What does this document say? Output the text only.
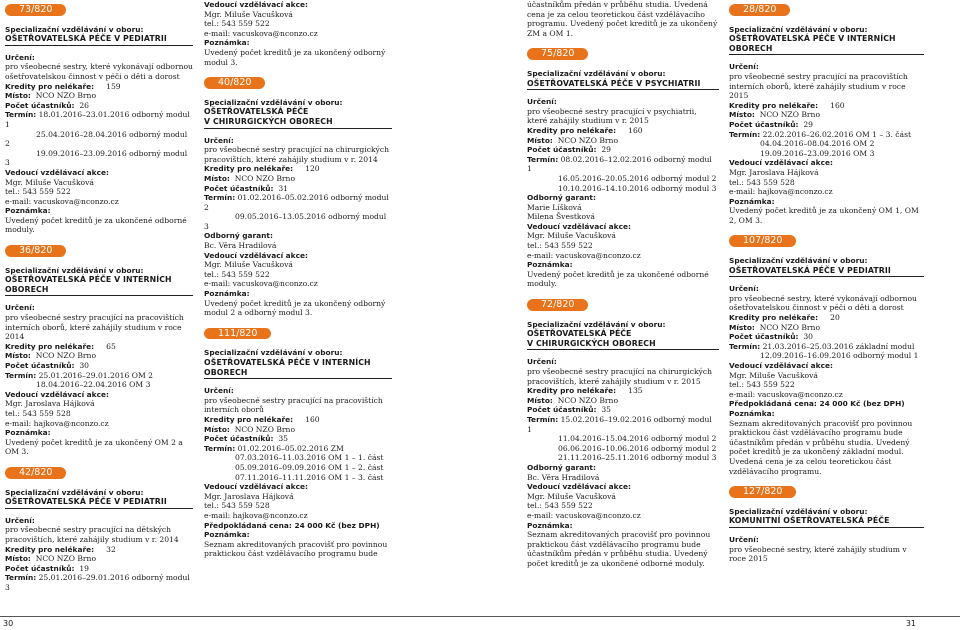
73/820
Specializační vzdělávání v oboru:
OŠETŘOVATELSKÁ PÉČE V PEDIATRII
Určení:
pro všeobecné sestry, které vykonávají odbornou ošetřovatelskou činnost v péči o děti a dorost
Kredity pro nelékaře: 159
Místo: NCO NZO Brno
Počet účastníků: 26
Termín: 18.01.2016–23.01.2016 odborný modul 1
25.04.2016–28.04.2016 odborný modul 2
19.09.2016–23.09.2016 odborný modul 3
Vedoucí vzdělávací akce:
Mgr. Miluše Vacušková
tel.: 543 559 522
e-mail: vacuskova@nconzo.cz
Poznámka:
Uvedený počet kreditů je za ukončené odborné moduly.
36/820
Specializační vzdělávání v oboru:
OŠETŘOVATELSKÁ PÉČE V INTERNÍCH OBORECH
Určení:
pro všeobecné sestry pracující na pracovištích interních oborů, které zahájily studium v roce 2014
Kredity pro nelékaře: 65
Místo: NCO NZO Brno
Počet účastníků: 30
Termín: 25.01.2016–29.01.2016 OM 2
18.04.2016–22.04.2016 OM 3
Vedoucí vzdělávací akce:
Mgr. Jaroslava Hájková
tel.: 543 559 528
e-mail: hajkova@nconzo.cz
Poznámka:
Uvedený počet kreditů je za ukončený OM 2 a OM 3.
42/820
Specializační vzdělávání v oboru:
OŠETŘOVATELSKÁ PÉČE V PEDIATRII
Určení:
pro všeobecné sestry pracující na dětských pracovištích, které zahájily studium v r. 2014
Kredity pro nelékaře: 32
Místo: NCO NZO Brno
Počet účastníků: 19
Termín: 25.01.2016–29.01.2016 odborný modul 3
Vedoucí vzdělávací akce:
Mgr. Miluše Vacušková
tel.: 543 559 522
e-mail: vacuskova@nconzo.cz
Poznámka:
Uvedený počet kreditů je za ukončený odborný modul 3.
40/820
Specializační vzdělávání v oboru:
OŠETŘOVATELSKÁ PÉČE
V CHIRURGICKÝCH OBORECH
Určení:
pro všeobecné sestry pracující na chirurgických pracovištích, které zahájily studium v r. 2014
Kredity pro nelékaře: 120
Místo: NCO NZO Brno
Počet účastníků: 31
Termín: 01.02.2016–05.02.2016 odborný modul 2
09.05.2016–13.05.2016 odborný modul 3
Odborný garant:
Bc. Věra Hradilová
Vedoucí vzdělávací akce:
Mgr. Miluše Vacušková
tel.: 543 559 522
e-mail: vacuskova@nconzo.cz
Poznámka:
Uvedený počet kreditů je za ukončený odborný modul 2 a odborný modul 3.
111/820
Specializační vzdělávání v oboru:
OŠETŘOVATELSKÁ PÉČE V INTERNÍCH OBORECH
Určení:
pro všeobecné sestry pracující na pracovištích interních oborů
Kredity pro nelékaře: 160
Místo: NCO NZO Brno
Počet účastníků: 35
Termín: 01.02.2016–05.02.2016 ZM
07.03.2016–11.03.2016 OM 1 – 1. část
05.09.2016–09.09.2016 OM 1 – 2. část
07.11.2016–11.11.2016 OM 1 – 3. část
Vedoucí vzdělávací akce:
Mgr. Jaroslava Hájková
tel.: 543 559 528
e-mail: hajkova@nconzo.cz
Předpokládaná cena: 24 000 Kč (bez DPH)
Poznámka:
Seznam akreditovaných pracovišť pro povinnou praktickou část vzdělávacího programu bude
účastníkům předán v průběhu studia. Uvedená cena je za celou teoretickou část vzdělávacího programu. Uvedený počet kreditů je za ukončený ZM a OM 1.
75/820
Specializační vzdělávání v oboru:
OŠETŘOVATELSKÁ PÉČE V PSYCHIATRII
Určení:
pro všeobecné sestry pracující v psychiatrii, které zahájily studium v r. 2015
Kredity pro nelékaře: 160
Místo: NCO NZO Brno
Počet účastníků: 29
Termín: 08.02.2016–12.02.2016 odborný modul 1
16.05.2016–20.05.2016 odborný modul 2
10.10.2016–14.10.2016 odborný modul 3
Odborný garant:
Marie Líšková
Milena Švestková
Vedoucí vzdělávací akce:
Mgr. Miluše Vacušková
tel.: 543 559 522
e-mail: vacuskova@nconzo.cz
Poznámka:
Uvedený počet kreditů je za ukončené odborné moduly.
72/820
Specializační vzdělávání v oboru:
OŠETŘOVATELSKÁ PÉČE
V CHIRURGICKÝCH OBORECH
Určení:
pro všeobecné sestry pracující na chirurgických pracovištích, které zahájily studium v r. 2015
Kredity pro nelékaře: 135
Místo: NCO NZO Brno
Počet účastníků: 35
Termín: 15.02.2016–19.02.2016 odborný modul 1
11.04.2016–15.04.2016 odborný modul 2
06.06.2016–10.06.2016 odborný modul 2
21.11.2016–25.11.2016 odborný modul 3
Odborný garant:
Bc. Věra Hradilová
Vedoucí vzdělávací akce:
Mgr. Miluše Vacušková
tel.: 543 559 522
e-mail: vacuskova@nconzo.cz
Poznámka:
Seznam akreditovaných pracovišť pro povinnou praktickou část vzdělávacího programu bude účastníkům předán v průběhu studia. Uvedený počet kreditů je za ukončené odborné moduly.
28/820
Specializační vzdělávání v oboru:
OŠETŘOVATELSKÁ PÉČE V INTERNÍCH OBORECH
Určení:
pro všeobecné sestry pracující na pracovištích interních oborů, které zahájily studium v roce 2015
Kredity pro nelékaře: 160
Místo: NCO NZO Brno
Počet účastníků: 29
Termín: 22.02.2016–26.02.2016 OM 1 – 3. část
04.04.2016–08.04.2016 OM 2
19.09.2016–23.09.2016 OM 3
Vedoucí vzdělávací akce:
Mgr. Jaroslava Hájková
tel.: 543 559 528
e-mail: hajkova@nconzo.cz
Poznámka:
Uvedený počet kreditů je za ukončený OM 1, OM 2, OM 3.
107/820
Specializační vzdělávání v oboru:
OŠETŘOVATELSKÁ PÉČE V PEDIATRII
Určení:
pro všeobecné sestry, které vykonávají odbornou ošetřovatelskou činnost v péči o děti a dorost
Kredity pro nelékaře: 20
Místo: NCO NZO Brno
Počet účastníků: 30
Termín: 21.03.2016–25.03.2016 základní modul
12.09.2016–16.09.2016 odborný modul 1
Vedoucí vzdělávací akce:
Mgr. Miluše Vacušková
tel.: 543 559 522
e-mail: vacuskova@nconzo.cz
Předpokládaná cena: 24 000 Kč (bez DPH)
Poznámka:
Seznam akreditovaných pracovišť pro povinnou praktickou část vzdělávacího programu bude účastníkům předán v průběhu studia. Uvedený počet kreditů je za ukončený základní modul. Uvedená cena je za celou teoretickou část vzdělávacího programu.
127/820
Specializační vzdělávání v oboru:
KOMUNITNÍ OŠETŘOVATELSKÁ PÉČE
Určení:
pro všeobecné sestry, které zahájily studium v roce 2015
30	31
